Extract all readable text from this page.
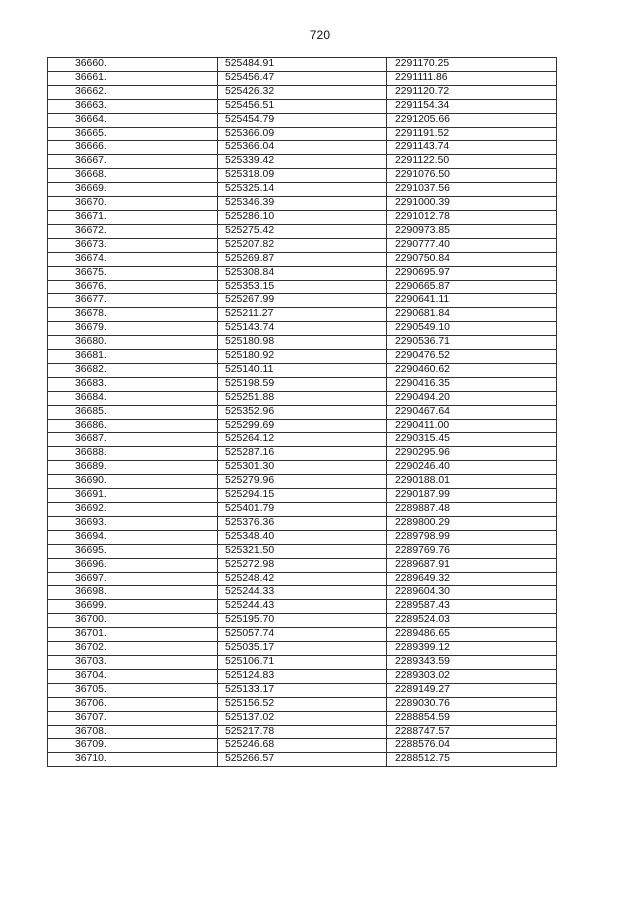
720
36660.	525484.91	2291170.25
36661.	525456.47	2291111.86
36662.	525426.32	2291120.72
36663.	525456.51	2291154.34
36664.	525454.79	2291205.66
36665.	525366.09	2291191.52
36666.	525366.04	2291143.74
36667.	525339.42	2291122.50
36668.	525318.09	2291076.50
36669.	525325.14	2291037.56
36670.	525346.39	2291000.39
36671.	525286.10	2291012.78
36672.	525275.42	2290973.85
36673.	525207.82	2290777.40
36674.	525269.87	2290750.84
36675.	525308.84	2290695.97
36676.	525353.15	2290665.87
36677.	525267.99	2290641.11
36678.	525211.27	2290681.84
36679.	525143.74	2290549.10
36680.	525180.98	2290536.71
36681.	525180.92	2290476.52
36682.	525140.11	2290460.62
36683.	525198.59	2290416.35
36684.	525251.88	2290494.20
36685.	525352.96	2290467.64
36686.	525299.69	2290411.00
36687.	525264.12	2290315.45
36688.	525287.16	2290295.96
36689.	525301.30	2290246.40
36690.	525279.96	2290188.01
36691.	525294.15	2290187.99
36692.	525401.79	2289887.48
36693.	525376.36	2289800.29
36694.	525348.40	2289798.99
36695.	525321.50	2289769.76
36696.	525272.98	2289687.91
36697.	525248.42	2289649.32
36698.	525244.33	2289604.30
36699.	525244.43	2289587.43
36700.	525195.70	2289524.03
36701.	525057.74	2289486.65
36702.	525035.17	2289399.12
36703.	525106.71	2289343.59
36704.	525124.83	2289303.02
36705.	525133.17	2289149.27
36706.	525156.52	2289030.76
36707.	525137.02	2288854.59
36708.	525217.78	2288747.57
36709.	525246.68	2288576.04
36710.	525266.57	2288512.75
